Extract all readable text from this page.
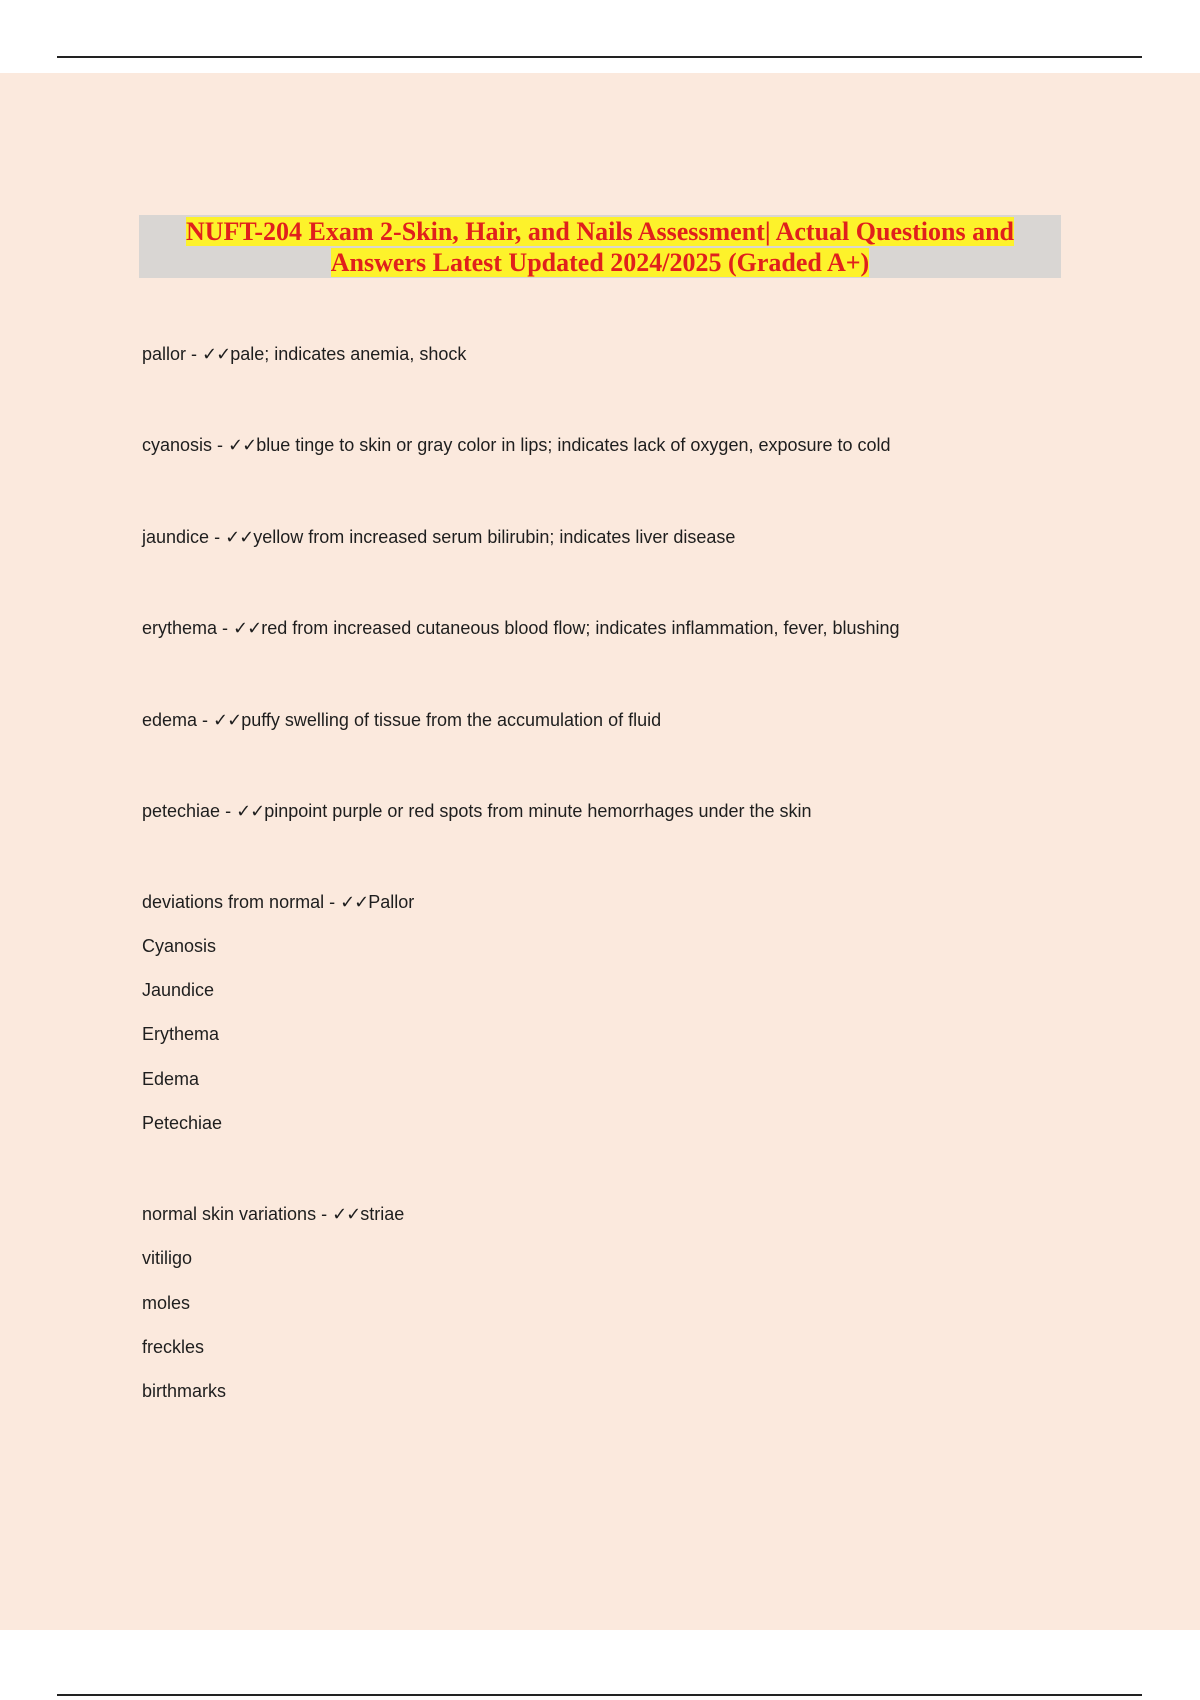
NUFT-204 Exam 2-Skin, Hair, and Nails Assessment| Actual Questions and
Answers Latest Updated 2024/2025 (Graded A+)

pallor - ✓✓pale; indicates anemia, shock

cyanosis - ✓✓blue tinge to skin or gray color in lips; indicates lack of oxygen, exposure to cold

jaundice - ✓✓yellow from increased serum bilirubin; indicates liver disease

erythema - ✓✓red from increased cutaneous blood flow; indicates inflammation, fever, blushing

edema - ✓✓puffy swelling of tissue from the accumulation of fluid

petechiae - ✓✓pinpoint purple or red spots from minute hemorrhages under the skin

deviations from normal - ✓✓Pallor

Cyanosis

Jaundice

Erythema

Edema

Petechiae

normal skin variations - ✓✓striae

vitiligo

moles

freckles

birthmarks
